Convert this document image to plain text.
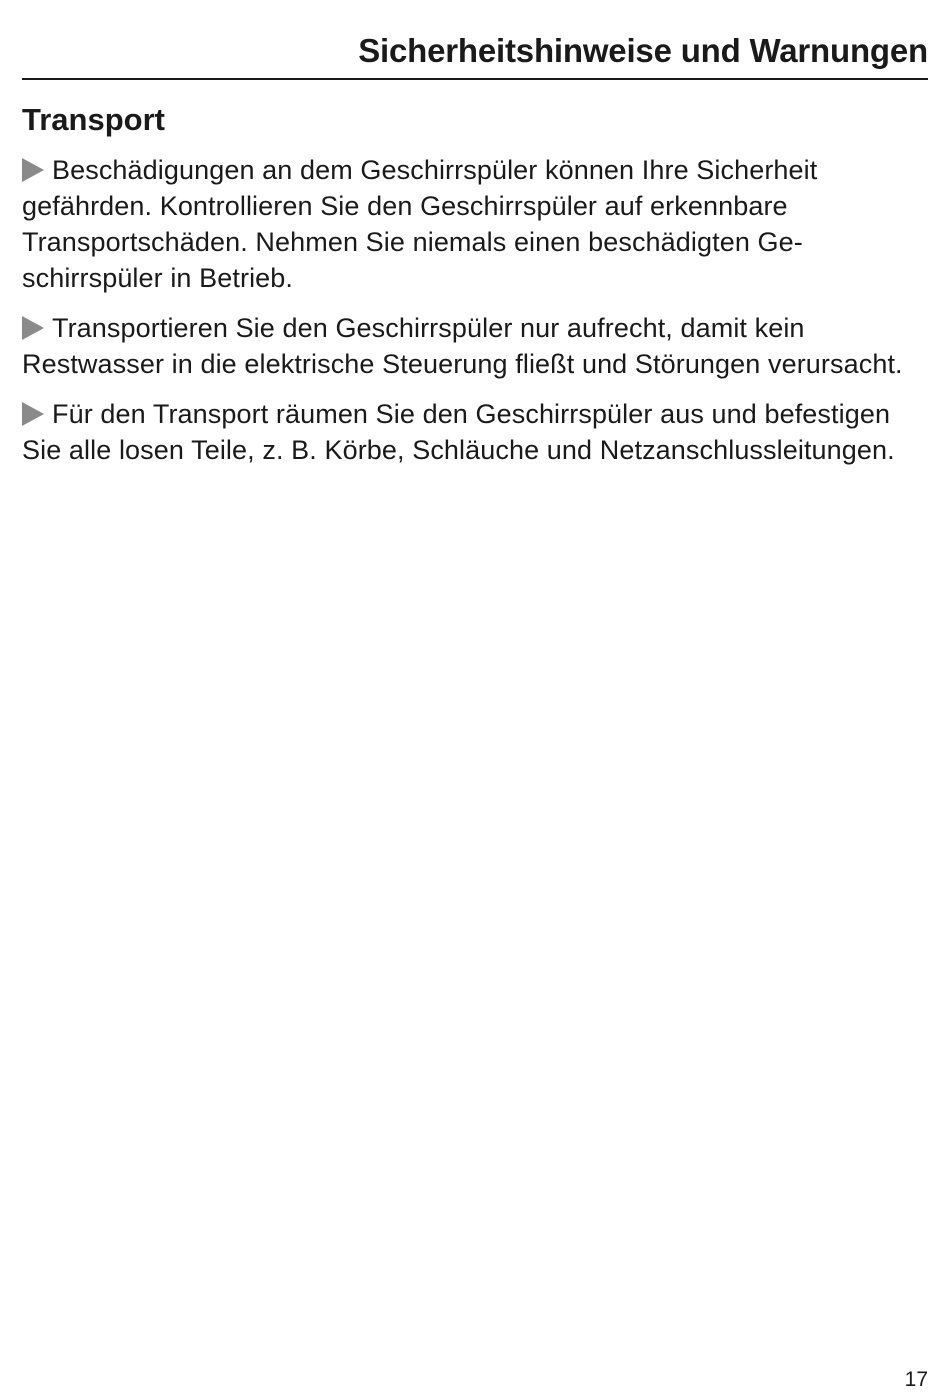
Sicherheitshinweise und Warnungen
Transport

Beschädigungen an dem Geschirrspüler können Ihre Sicherheit gefährden. Kontrollieren Sie den Geschirrspüler auf erkennbare Transportschäden. Nehmen Sie niemals einen beschädigten Geschirrspüler in Betrieb.

Transportieren Sie den Geschirrspüler nur aufrecht, damit kein Restwasser in die elektrische Steuerung fließt und Störungen verursacht.

Für den Transport räumen Sie den Geschirrspüler aus und befestigen Sie alle losen Teile, z. B. Körbe, Schläuche und Netzanschlussleitungen.

17
